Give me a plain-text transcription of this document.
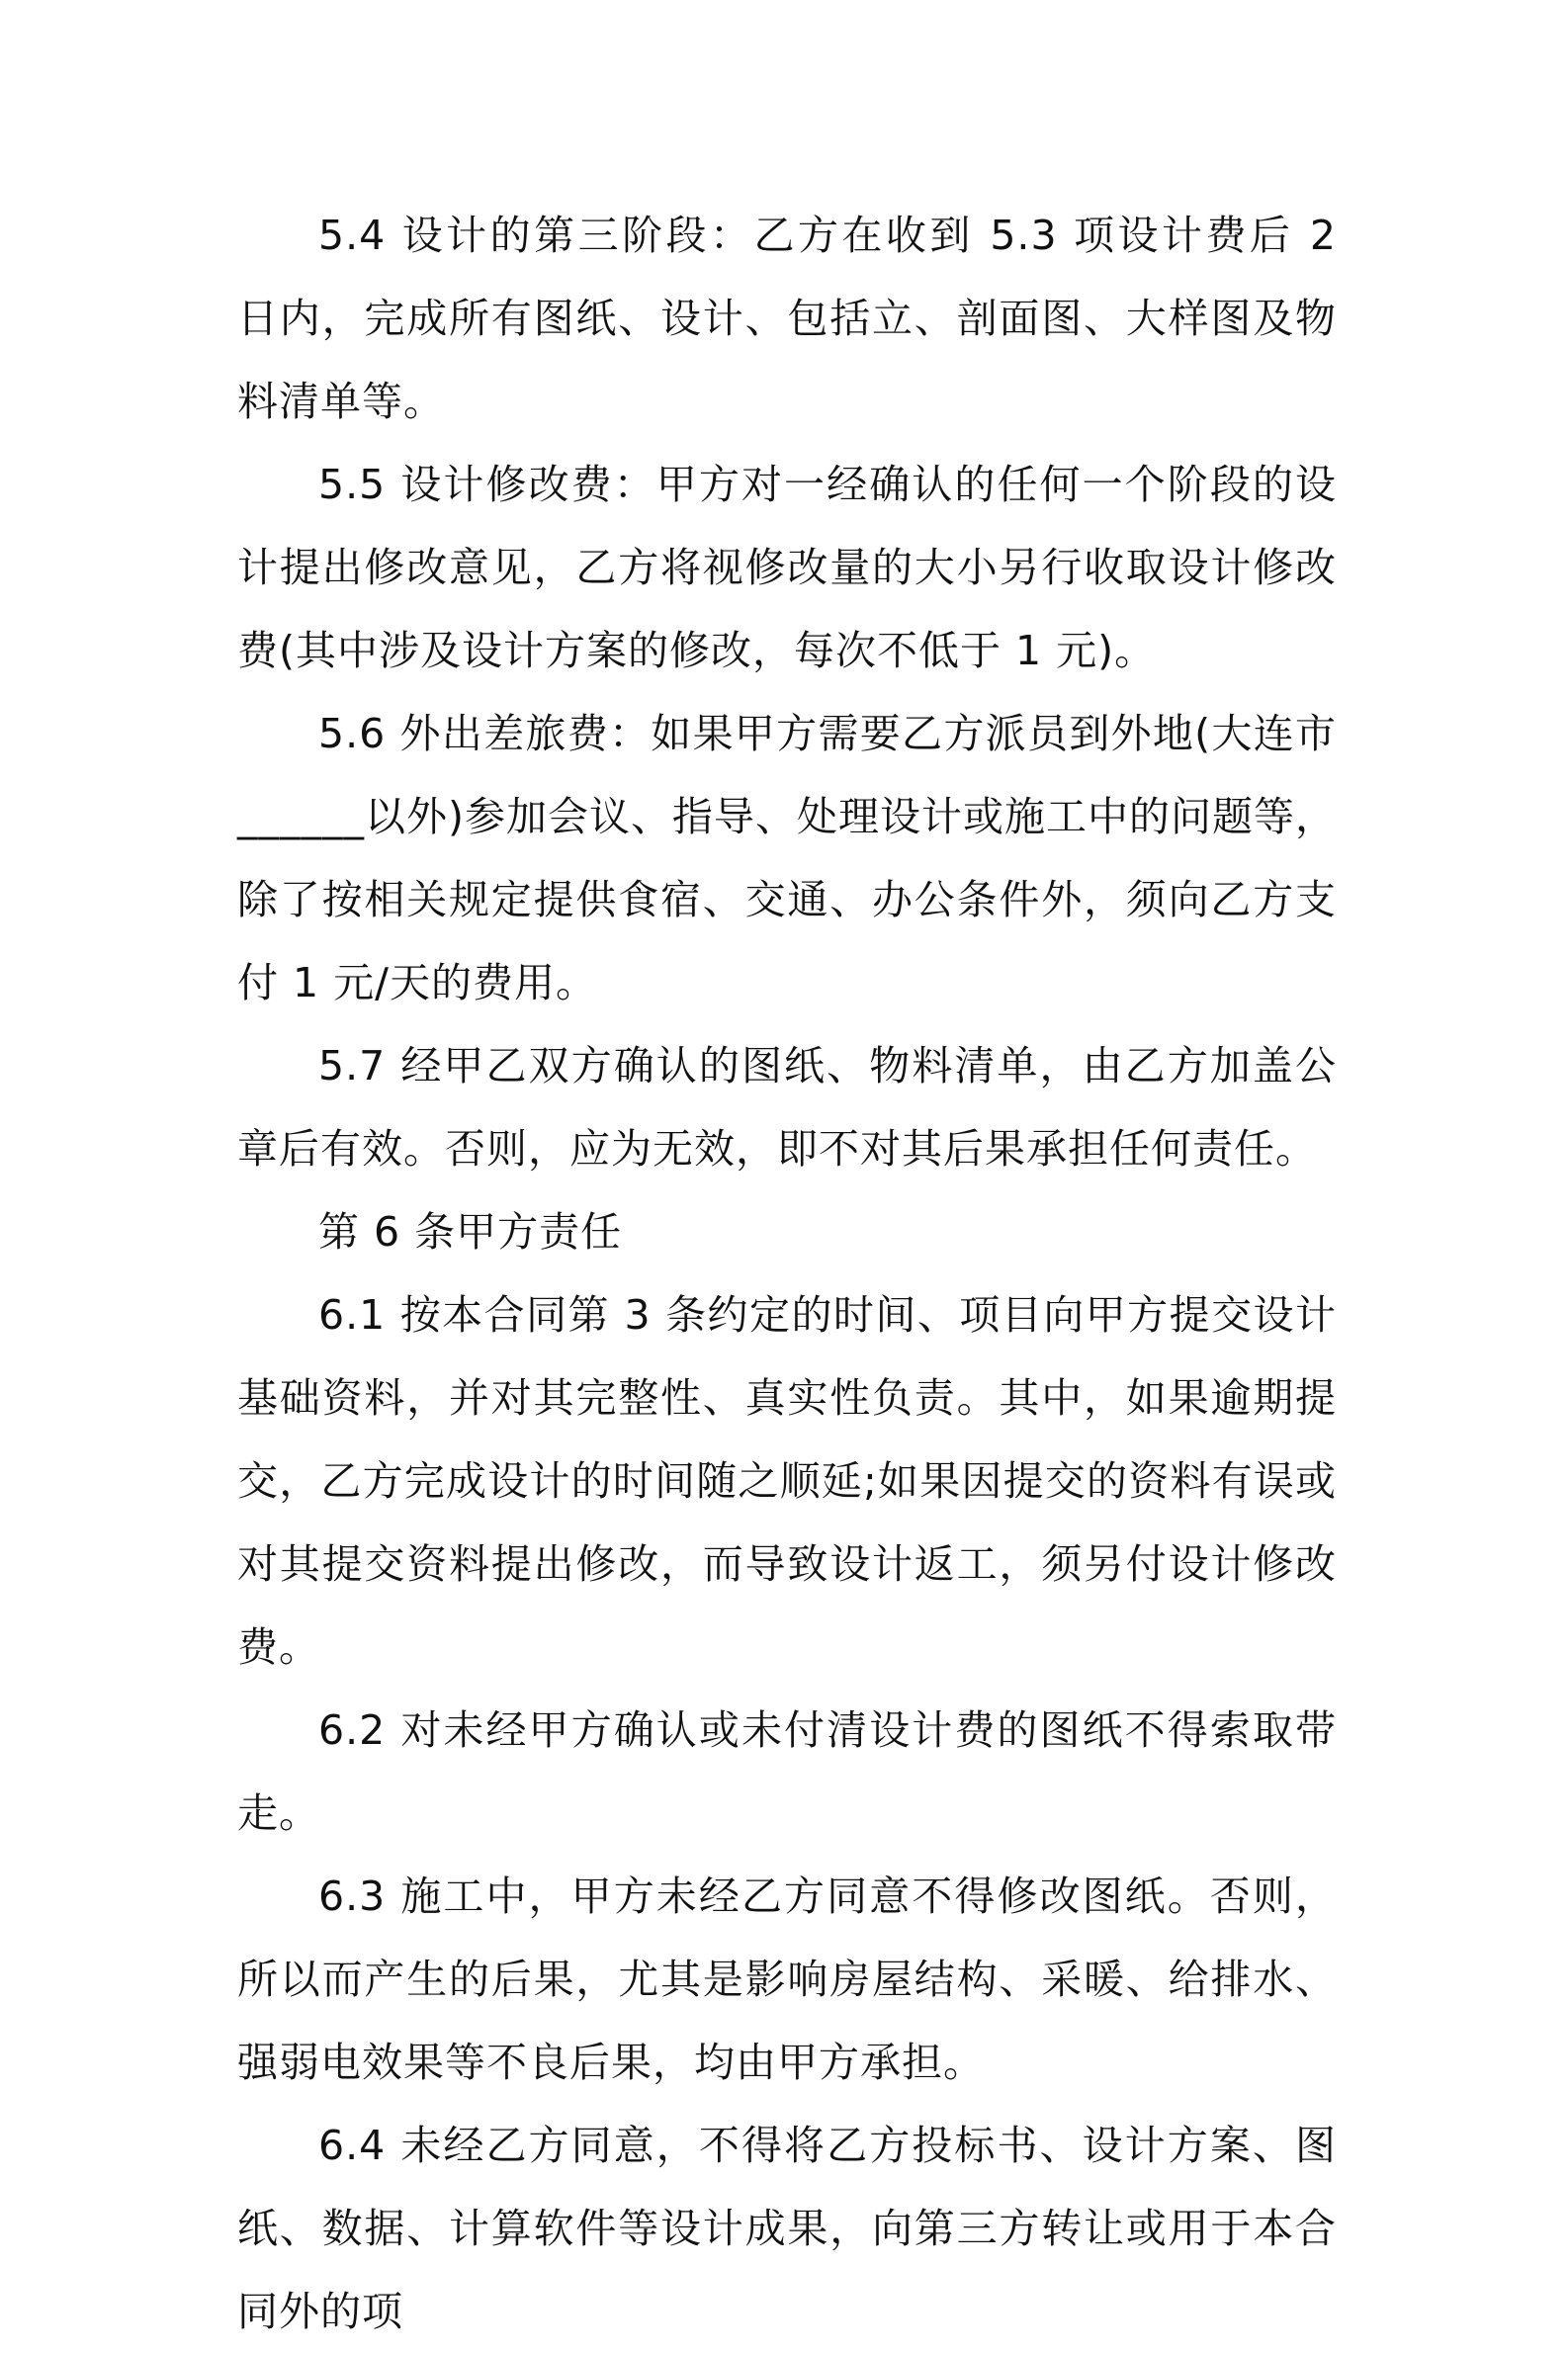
5.4 设计的第三阶段：乙方在收到 5.3 项设计费后 2 日内，完成所有图纸、设计、包括立、剖面图、大样图及物料清单等。

5.5 设计修改费：甲方对一经确认的任何一个阶段的设计提出修改意见，乙方将视修改量的大小另行收取设计修改费(其中涉及设计方案的修改，每次不低于 1 元)。

5.6 外出差旅费：如果甲方需要乙方派员到外地(大连市______以外)参加会议、指导、处理设计或施工中的问题等，除了按相关规定提供食宿、交通、办公条件外，须向乙方支付 1 元/天的费用。

5.7 经甲乙双方确认的图纸、物料清单，由乙方加盖公章后有效。否则，应为无效，即不对其后果承担任何责任。

第 6 条甲方责任

6.1 按本合同第 3 条约定的时间、项目向甲方提交设计基础资料，并对其完整性、真实性负责。其中，如果逾期提交，乙方完成设计的时间随之顺延;如果因提交的资料有误或对其提交资料提出修改，而导致设计返工，须另付设计修改费。

6.2 对未经甲方确认或未付清设计费的图纸不得索取带走。

6.3 施工中，甲方未经乙方同意不得修改图纸。否则，所以而产生的后果，尤其是影响房屋结构、采暖、给排水、强弱电效果等不良后果，均由甲方承担。

6.4 未经乙方同意，不得将乙方投标书、设计方案、图纸、数据、计算软件等设计成果，向第三方转让或用于本合同外的项
